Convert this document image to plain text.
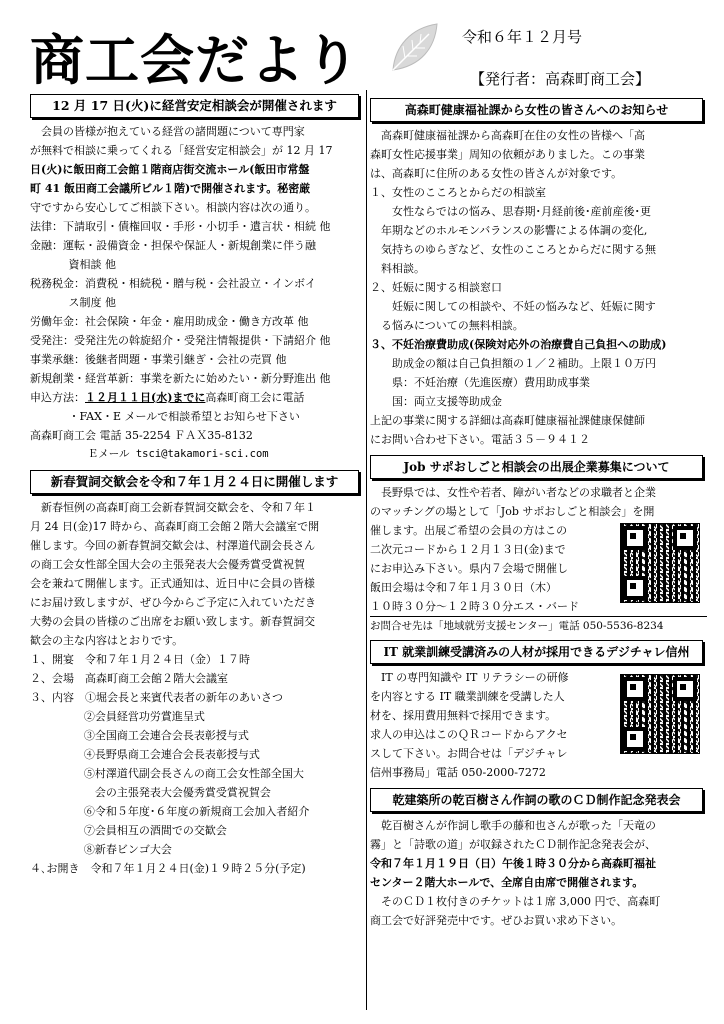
商工会だより	令和６年１２月号
【発行者：高森町商工会】
12 月 17 日(火)に経営安定相談会が開催されます

会員の皆様が抱えている経営の諸問題について専門家

が無料で相談に乗ってくれる「経営安定相談会」が 12 月 17
日(火)に飯田商工会館１階商店街交流ホール(飯田市常盤
町 41 飯田商工会議所ビル１階)で開催されます。秘密厳
守ですから安心してご相談下さい。相談内容は次の通り。
法律：下請取引・債権回収・手形・小切手・遺言状・相続 他
金融：運転・設備資金・担保や保証人・新規創業に伴う融
資相談 他
税務税金：消費税・相続税・贈与税・会社設立・インボイ
ス制度 他
労働年金：社会保険・年金・雇用助成金・働き方改革 他
受発注：受発注先の斡旋紹介・受発注情報提供・下請紹介 他
事業承継：後継者問題・事業引継ぎ・会社の売買 他
新規創業・経営革新：事業を新たに始めたい・新分野進出 他
申込方法：１２月１１日(水)までに高森町商工会に電話
・FAX・E メールで相談希望とお知らせ下さい
高森町商工会 電話 35-2254 ＦＡＸ35-8132
Ｅメール tsci@takamori-sci.com
新春賀詞交歓会を令和７年１月２４日に開催します

新春恒例の高森町商工会新春賀詞交歓会を、令和７年１

月 24 日(金)17 時から、高森町商工会館２階大会議室で開
催します。今回の新春賀詞交歓会は、村澤道代副会長さん
の商工会女性部全国大会の主張発表大会優秀賞受賞祝賀
会を兼ねて開催します。正式通知は、近日中に会員の皆様
にお届け致しますが、ぜひ今からご予定に入れていただき
大勢の会員の皆様のご出席をお願い致します。新春賀詞交
歓会の主な内容はとおりです。
１、開宴　令和７年１月２４日（金）１７時
２、会場　高森町商工会館２階大会議室
３、内容　①堀会長と来賓代表者の新年のあいさつ
②会員経営功労賞進呈式
③全国商工会連合会長表彰授与式
④長野県商工会連合会長表彰授与式
⑤村澤道代副会長さんの商工会女性部全国大
会の主張発表大会優秀賞受賞祝賀会
⑥令和５年度･６年度の新規商工会加入者紹介
⑦会員相互の酒間での交歓会
⑧新春ビンゴ大会
４､お開き　令和７年１月２４日(金)１９時２５分(予定)
高森町健康福祉課から女性の皆さんへのお知らせ

高森町健康福祉課から高森町在住の女性の皆様へ「高

森町女性応援事業」周知の依頼がありました。この事業
は、高森町に住所のある女性の皆さんが対象です。
１、女性のこころとからだの相談室
女性ならではの悩み、思春期･月経前後･産前産後･更
年期などのホルモンバランスの影響による体調の変化,
気持ちのゆらぎなど、女性のこころとからだに関する無
料相談。
２、妊娠に関する相談窓口
妊娠に関しての相談や、不妊の悩みなど、妊娠に関す
る悩みについての無料相談。
３、不妊治療費助成(保険対応外の治療費自己負担への助成)
助成金の額は自己負担額の１／２補助。上限１０万円
県：不妊治療（先進医療）費用助成事業
国：両立支援等助成金
上記の事業に関する詳細は高森町健康福祉課健康保健師
にお問い合わせ下さい。電話３５－９４１２
Job サポおしごと相談会の出展企業募集について

長野県では、女性や若者、障がい者などの求職者と企業

のマッチングの場として「Job サポおしごと相談会」を開
催します。出展ご希望の会員の方はこの
二次元コードから１２月１３日(金)まで
にお申込み下さい。県内７会場で開催し
飯田会場は令和７年１月３０日（木）
１０時３０分～１２時３０分エス・バード
お問合せ先は「地域就労支援センター」電話 050-5536-8234
IT 就業訓練受講済みの人材が採用できるデジチャレ信州

IT の専門知識や IT リテラシーの研修

を内容とする IT 職業訓練を受講した人
材を、採用費用無料で採用できます。
求人の申込はこのＱＲコードからアクセ
スして下さい。お問合せは「デジチャレ
信州事務局」電話 050-2000-7272
乾建築所の乾百樹さん作詞の歌のＣＤ制作記念発表会

乾百樹さんが作詞し歌手の藤和也さんが歌った「天竜の

霧」と「詩歌の道」が収録されたＣＤ制作記念発表会が、
令和７年１月１９日（日）午後１時３０分から高森町福祉
センター２階大ホールで、全席自由席で開催されます。

そのＣＤ１枚付きのチケットは１席 3,000 円で、高森町

商工会で好評発売中です。ぜひお買い求め下さい。
